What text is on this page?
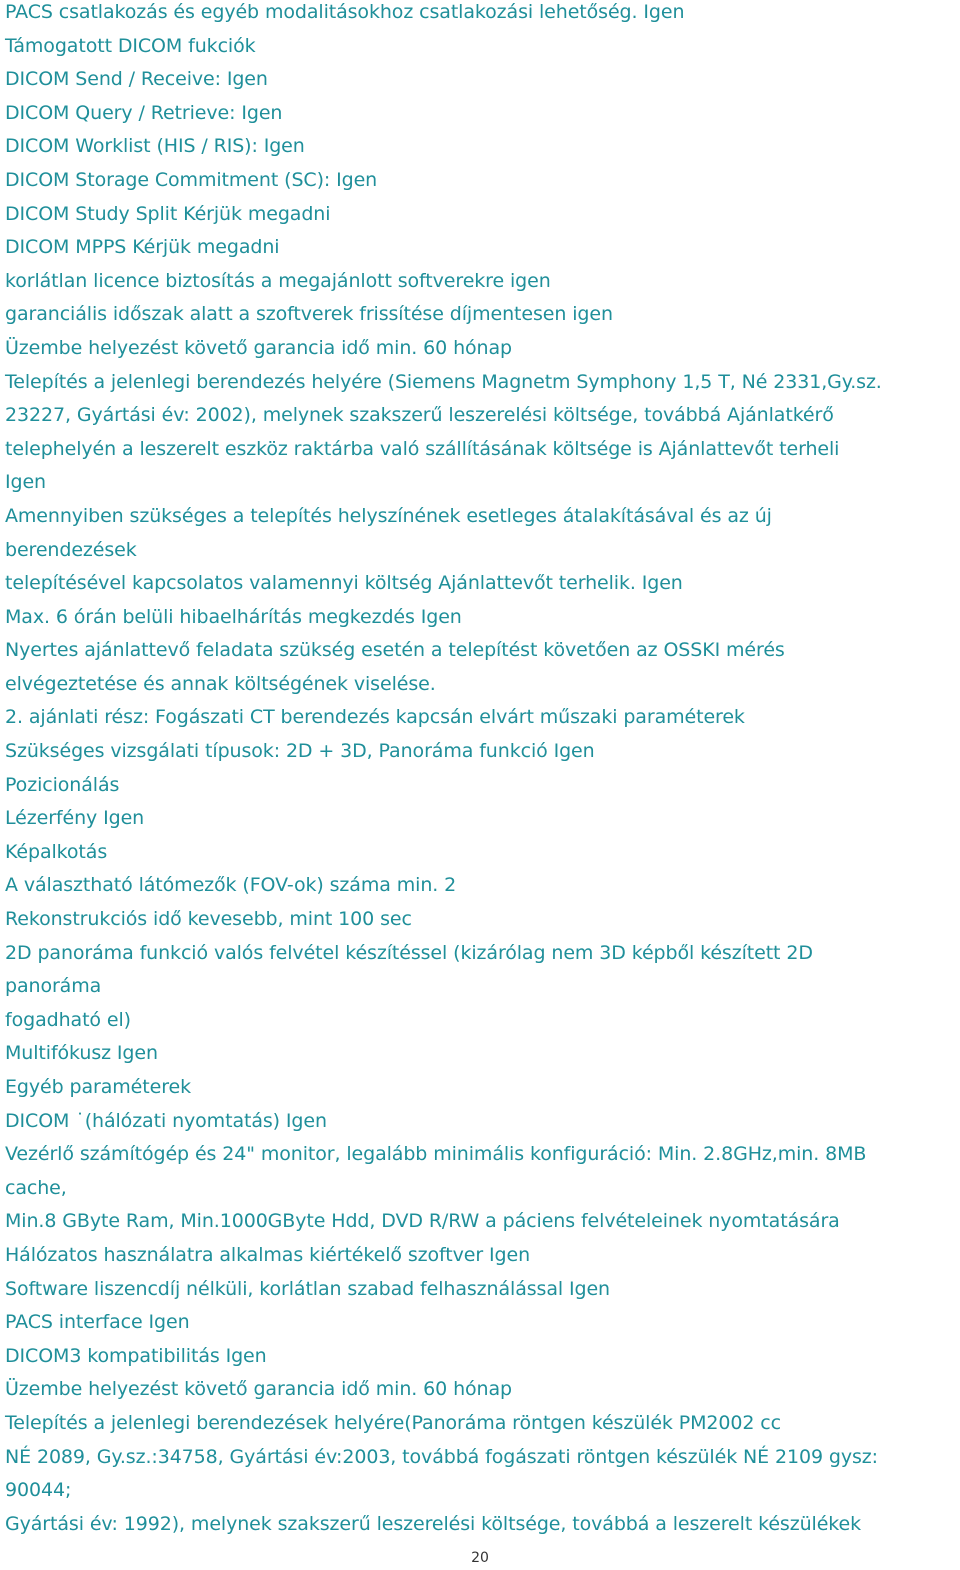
PACS csatlakozás és egyéb modalitásokhoz csatlakozási lehetőség. Igen
Támogatott DICOM fukciók
DICOM Send / Receive: Igen
DICOM Query / Retrieve: Igen
DICOM Worklist (HIS / RIS): Igen
DICOM Storage Commitment (SC): Igen
DICOM Study Split Kérjük megadni
DICOM MPPS Kérjük megadni
korlátlan licence biztosítás a megajánlott softverekre igen
garanciális időszak alatt a szoftverek frissítése díjmentesen igen
Üzembe helyezést követő garancia idő min. 60 hónap
Telepítés a jelenlegi berendezés helyére (Siemens Magnetm Symphony 1,5 T, Né 2331,Gy.sz.
23227, Gyártási év: 2002), melynek szakszerű leszerelési költsége, továbbá Ajánlatkérő
telephelyén a leszerelt eszköz raktárba való szállításának költsége is Ajánlattevőt terheli
Igen
Amennyiben szükséges a telepítés helyszínének esetleges átalakításával és az új
berendezések
telepítésével kapcsolatos valamennyi költség Ajánlattevőt terhelik. Igen
Max. 6 órán belüli hibaelhárítás megkezdés Igen
Nyertes ajánlattevő feladata szükség esetén a telepítést követően az OSSKI mérés
elvégeztetése és annak költségének viselése.
2. ajánlati rész: Fogászati CT berendezés kapcsán elvárt műszaki paraméterek
Szükséges vizsgálati típusok: 2D + 3D, Panoráma funkció Igen
Pozicionálás
Lézerfény Igen
Képalkotás
A választható látómezők (FOV-ok) száma min. 2
Rekonstrukciós idő kevesebb, mint 100 sec
2D panoráma funkció valós felvétel készítéssel (kizárólag nem 3D képből készített 2D
panoráma
fogadható el)
Multifókusz Igen
Egyéb paraméterek
DICOM ˙(hálózati nyomtatás) Igen
Vezérlő számítógép és 24" monitor, legalább minimális konfiguráció: Min. 2.8GHz,min. 8MB
cache,
Min.8 GByte Ram, Min.1000GByte Hdd, DVD R/RW a páciens felvételeinek nyomtatására
Hálózatos használatra alkalmas kiértékelő szoftver Igen
Software liszencdíj nélküli, korlátlan szabad felhasználással Igen
PACS interface Igen
DICOM3 kompatibilitás Igen
Üzembe helyezést követő garancia idő min. 60 hónap
Telepítés a jelenlegi berendezések helyére(Panoráma röntgen készülék PM2002 cc
NÉ 2089, Gy.sz.:34758, Gyártási év:2003, továbbá fogászati röntgen készülék NÉ 2109 gysz:
90044;
Gyártási év: 1992), melynek szakszerű leszerelési költsége, továbbá a leszerelt készülékek
20
